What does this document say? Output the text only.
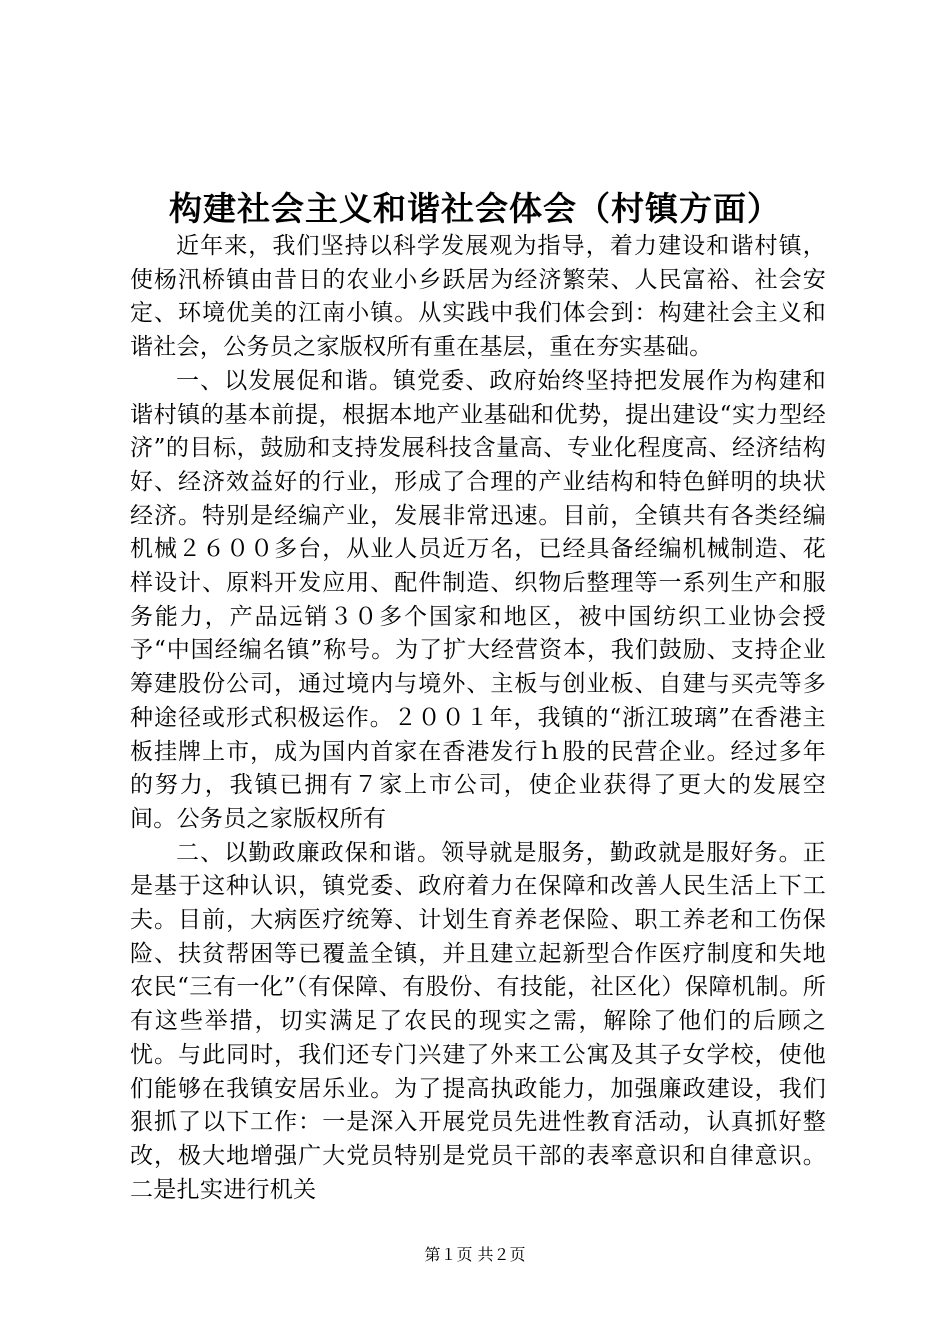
构建社会主义和谐社会体会（村镇方面）

近年来，我们坚持以科学发展观为指导，着力建设和谐村镇，使杨汛桥镇由昔日的农业小乡跃居为经济繁荣、人民富裕、社会安定、环境优美的江南小镇。从实践中我们体会到：构建社会主义和谐社会，公务员之家版权所有重在基层，重在夯实基础。

一、以发展促和谐。镇党委、政府始终坚持把发展作为构建和谐村镇的基本前提，根据本地产业基础和优势，提出建设“实力型经济”的目标，鼓励和支持发展科技含量高、专业化程度高、经济结构好、经济效益好的行业，形成了合理的产业结构和特色鲜明的块状经济。特别是经编产业，发展非常迅速。目前，全镇共有各类经编机械２６００多台，从业人员近万名，已经具备经编机械制造、花样设计、原料开发应用、配件制造、织物后整理等一系列生产和服务能力，产品远销３０多个国家和地区，被中国纺织工业协会授予“中国经编名镇”称号。为了扩大经营资本，我们鼓励、支持企业筹建股份公司，通过境内与境外、主板与创业板、自建与买壳等多种途径或形式积极运作。２００１年，我镇的“浙江玻璃”在香港主板挂牌上市，成为国内首家在香港发行ｈ股的民营企业。经过多年的努力，我镇已拥有７家上市公司，使企业获得了更大的发展空间。公务员之家版权所有

二、以勤政廉政保和谐。领导就是服务，勤政就是服好务。正是基于这种认识，镇党委、政府着力在保障和改善人民生活上下工夫。目前，大病医疗统筹、计划生育养老保险、职工养老和工伤保险、扶贫帮困等已覆盖全镇，并且建立起新型合作医疗制度和失地农民“三有一化”（有保障、有股份、有技能，社区化）保障机制。所有这些举措，切实满足了农民的现实之需，解除了他们的后顾之忧。与此同时，我们还专门兴建了外来工公寓及其子女学校，使他们能够在我镇安居乐业。为了提高执政能力，加强廉政建设，我们狠抓了以下工作：一是深入开展党员先进性教育活动，认真抓好整改，极大地增强广大党员特别是党员干部的表率意识和自律意识。二是扎实进行机关

第１页 共２页
